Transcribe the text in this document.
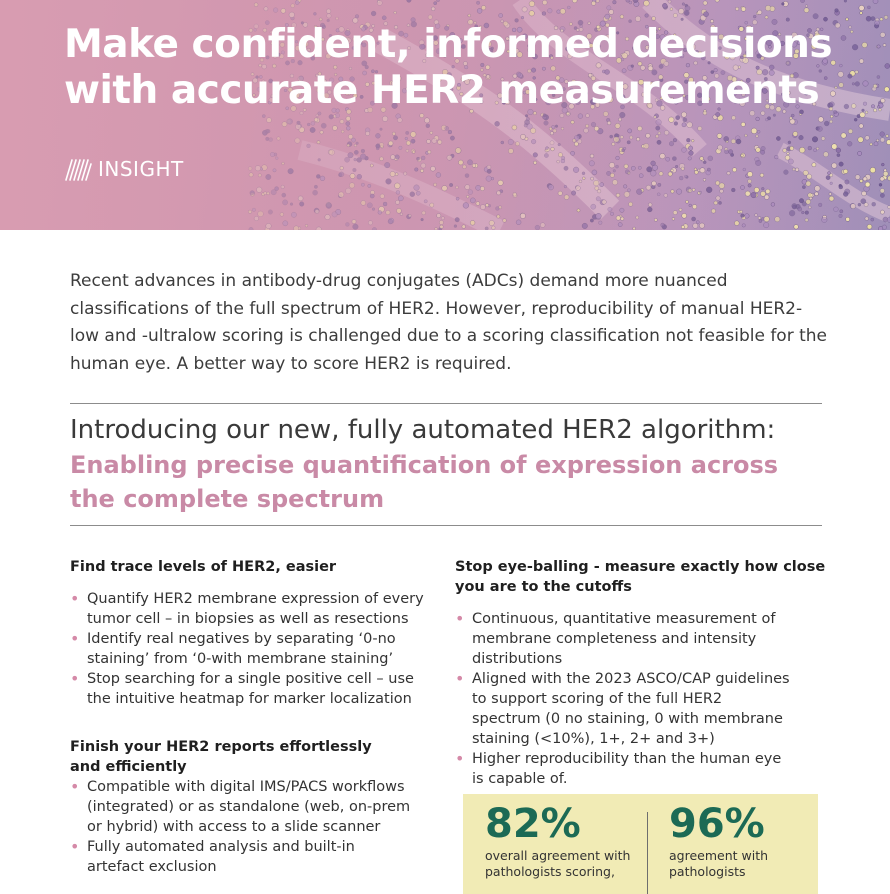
Make confident, informed decisions
with accurate HER2 measurements
INSIGHT

Recent advances in antibody-drug conjugates (ADCs) demand more nuanced classifications of the full spectrum of HER2. However, reproducibility of manual HER2-low and -ultralow scoring is challenged due to a scoring classification not feasible for the human eye. A better way to score HER2 is required.

Introducing our new, fully automated HER2 algorithm:
Enabling precise quantification of expression across the complete spectrum
Find trace levels of HER2, easier
• Quantify HER2 membrane expression of every tumor cell – in biopsies as well as resections
• Identify real negatives by separating ‘0-no staining’ from ‘0-with membrane staining’
• Stop searching for a single positive cell – use the intuitive heatmap for marker localization
Finish your HER2 reports effortlessly
and efficiently
• Compatible with digital IMS/PACS workflows (integrated) or as standalone (web, on-prem or hybrid) with access to a slide scanner
• Fully automated analysis and built-in artefact exclusion
Stop eye-balling - measure exactly how close
you are to the cutoffs
• Continuous, quantitative measurement of membrane completeness and intensity distributions
• Aligned with the 2023 ASCO/CAP guidelines to support scoring of the full HER2 spectrum (0 no staining, 0 with membrane staining (<10%), 1+, 2+ and 3+)
• Higher reproducibility than the human eye is capable of.
82%
overall agreement with pathologists scoring,
96%
agreement with pathologists
